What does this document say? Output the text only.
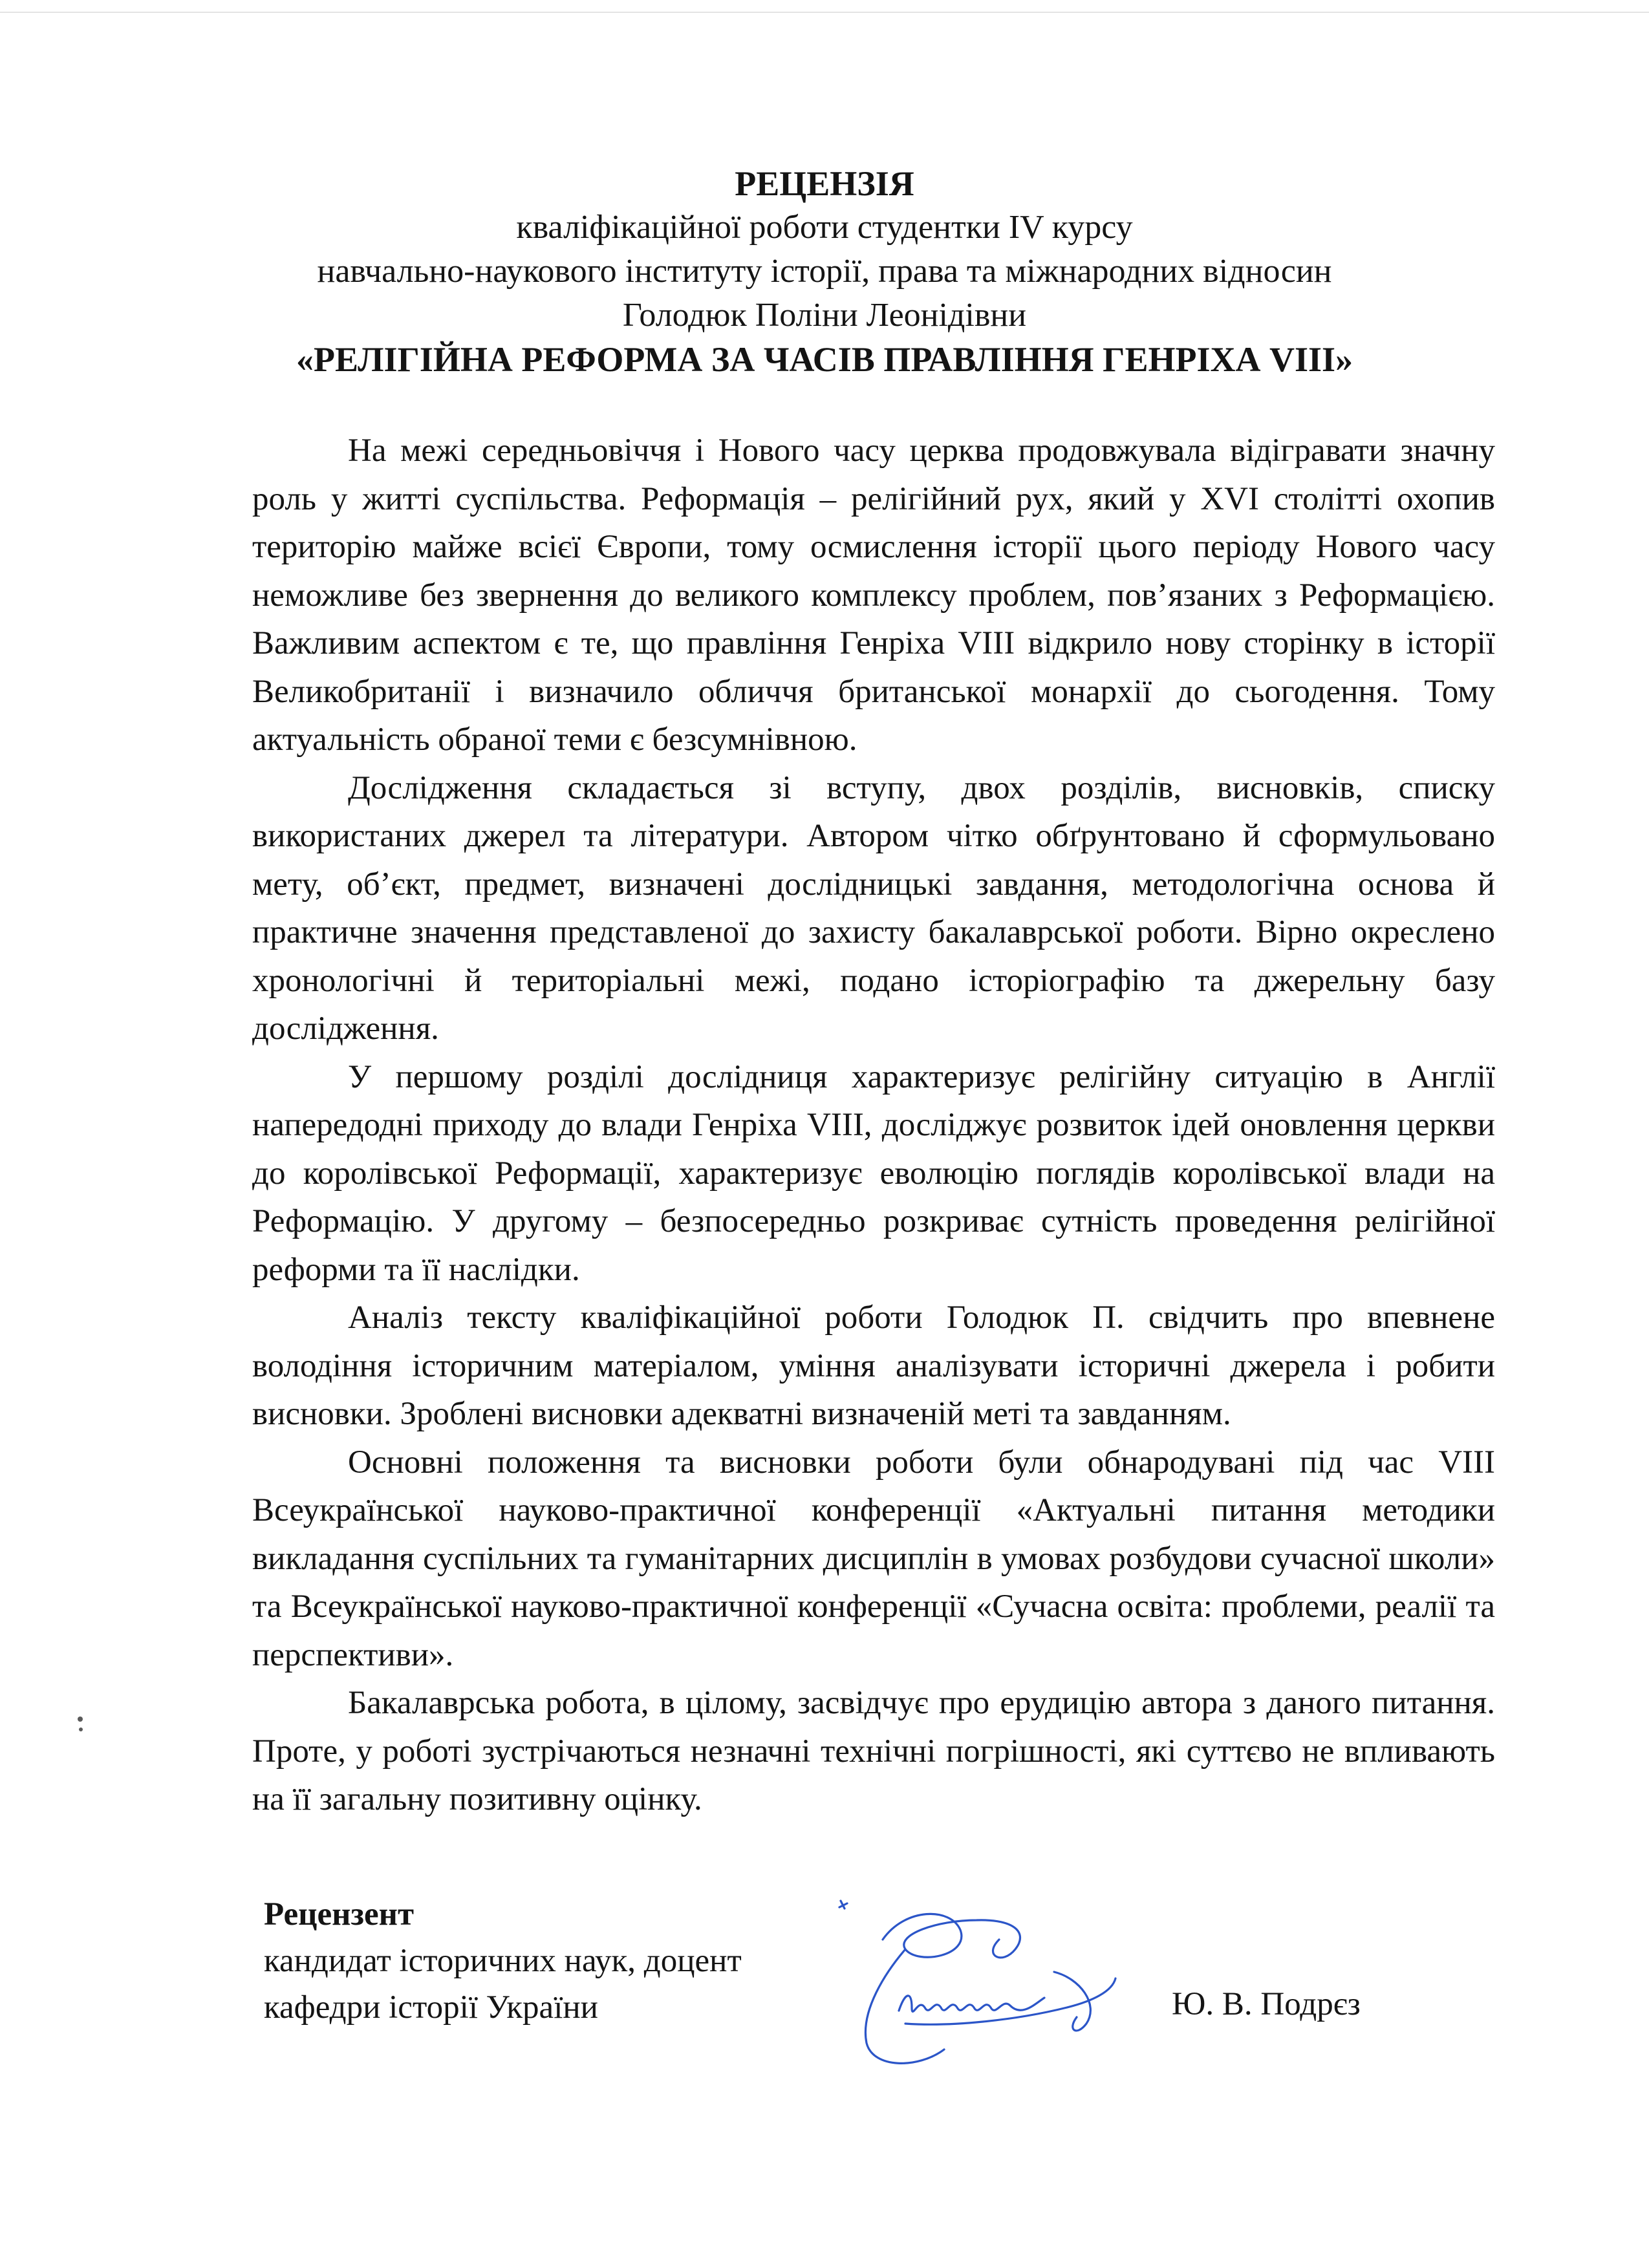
РЕЦЕНЗІЯ
кваліфікаційної роботи студентки IV курсу
навчально-наукового інституту історії, права та міжнародних відносин
Голодюк Поліни Леонідівни
«РЕЛІГІЙНА РЕФОРМА ЗА ЧАСІВ ПРАВЛІННЯ ГЕНРІХА VIII»

На межі середньовіччя і Нового часу церква продовжувала відігравати значну роль у житті суспільства. Реформація – релігійний рух, який у XVI столітті охопив територію майже всієї Європи, тому осмислення історії цього періоду Нового часу неможливе без звернення до великого комплексу проблем, пов’язаних з Реформацією. Важливим аспектом є те, що правління Генріха VIII відкрило нову сторінку в історії Великобританії і визначило обличчя британської монархії до сьогодення. Тому актуальність обраної теми є безсумнівною.

Дослідження складається зі вступу, двох розділів, висновків, списку використаних джерел та літератури. Автором чітко обґрунтовано й сформульовано мету, об’єкт, предмет, визначені дослідницькі завдання, методологічна основа й практичне значення представленої до захисту бакалаврської роботи. Вірно окреслено хронологічні й територіальні межі, подано історіографію та джерельну базу дослідження.

У першому розділі дослідниця характеризує релігійну ситуацію в Англії напередодні приходу до влади Генріха VIII, досліджує розвиток ідей оновлення церкви до королівської Реформації, характеризує еволюцію поглядів королівської влади на Реформацію. У другому – безпосередньо розкриває сутність проведення релігійної реформи та її наслідки.

Аналіз тексту кваліфікаційної роботи Голодюк П. свідчить про впевнене володіння історичним матеріалом, уміння аналізувати історичні джерела і робити висновки. Зроблені висновки адекватні визначеній меті та завданням.

Основні положення та висновки роботи були обнародувані під час VIII Всеукраїнської науково-практичної конференції «Актуальні питання методики викладання суспільних та гуманітарних дисциплін в умовах розбудови сучасної школи» та Всеукраїнської науково-практичної конференції «Сучасна освіта: проблеми, реалії та перспективи».

Бакалаврська робота, в цілому, засвідчує про ерудицію автора з даного питання. Проте, у роботі зустрічаються незначні технічні погрішності, які суттєво не впливають на її загальну позитивну оцінку.

Рецензент
кандидат історичних наук, доцент
кафедри історії України	Ю. В. Подрєз
